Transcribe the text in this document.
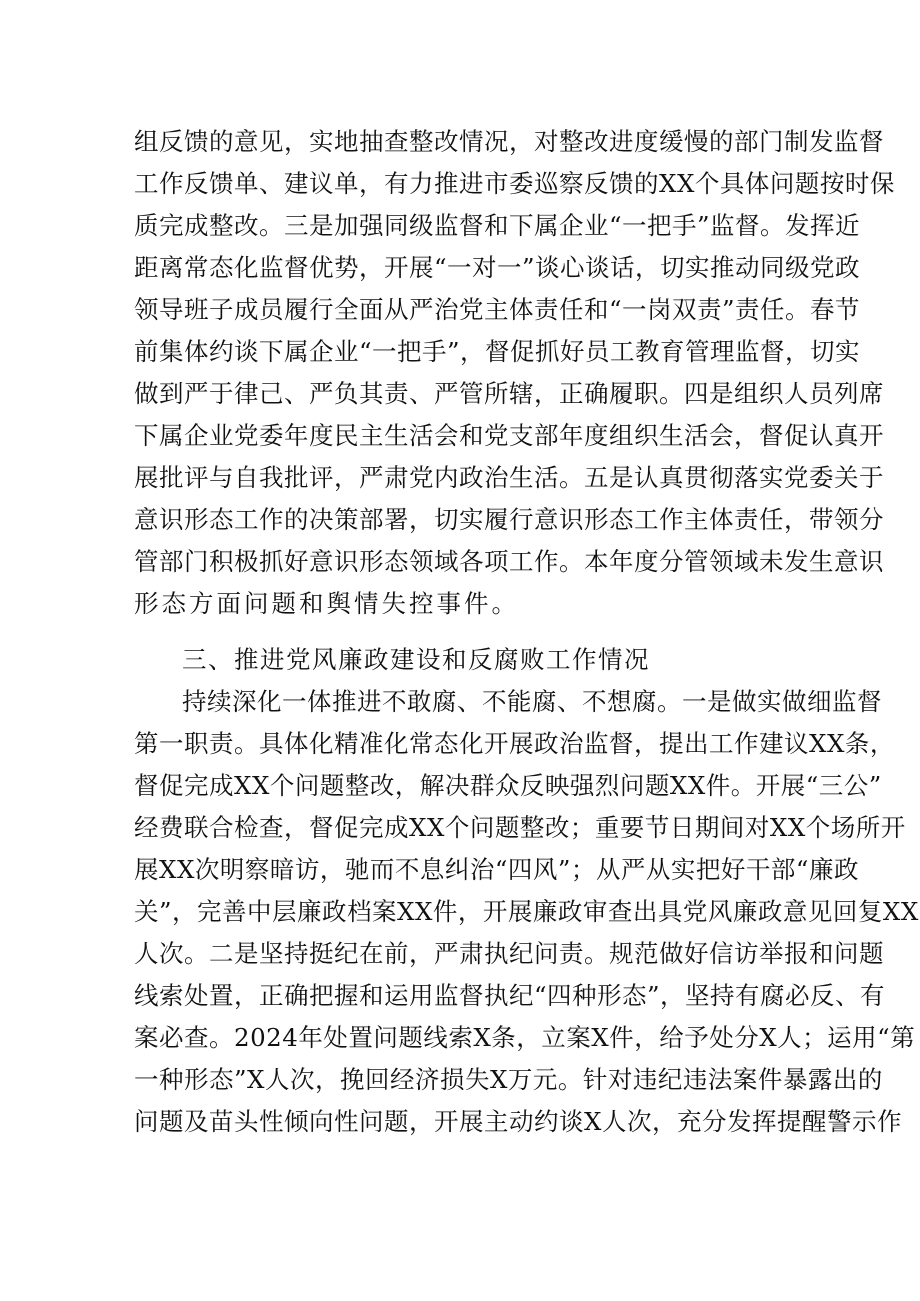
组反馈的意见，实地抽查整改情况，对整改进度缓慢的部门制发监督
工作反馈单、建议单，有力推进市委巡察反馈的XX个具体问题按时保
质完成整改。三是加强同级监督和下属企业“一把手”监督。发挥近
距离常态化监督优势，开展“一对一”谈心谈话，切实推动同级党政
领导班子成员履行全面从严治党主体责任和“一岗双责”责任。春节
前集体约谈下属企业“一把手”，督促抓好员工教育管理监督，切实
做到严于律己、严负其责、严管所辖，正确履职。四是组织人员列席
下属企业党委年度民主生活会和党支部年度组织生活会，督促认真开
展批评与自我批评，严肃党内政治生活。五是认真贯彻落实党委关于
意识形态工作的决策部署，切实履行意识形态工作主体责任，带领分
管部门积极抓好意识形态领域各项工作。本年度分管领域未发生意识
形态方面问题和舆情失控事件。
三、推进党风廉政建设和反腐败工作情况
持续深化一体推进不敢腐、不能腐、不想腐。一是做实做细监督
第一职责。具体化精准化常态化开展政治监督，提出工作建议XX条，
督促完成XX个问题整改，解决群众反映强烈问题XX件。开展“三公”
经费联合检查，督促完成XX个问题整改；重要节日期间对XX个场所开
展XX次明察暗访，驰而不息纠治“四风”；从严从实把好干部“廉政
关”，完善中层廉政档案XX件，开展廉政审查出具党风廉政意见回复XX
人次。二是坚持挺纪在前，严肃执纪问责。规范做好信访举报和问题
线索处置，正确把握和运用监督执纪“四种形态”，坚持有腐必反、有
案必查。2024年处置问题线索X条，立案X件，给予处分X人；运用“第
一种形态”X人次，挽回经济损失X万元。针对违纪违法案件暴露出的
问题及苗头性倾向性问题，开展主动约谈X人次，充分发挥提醒警示作
